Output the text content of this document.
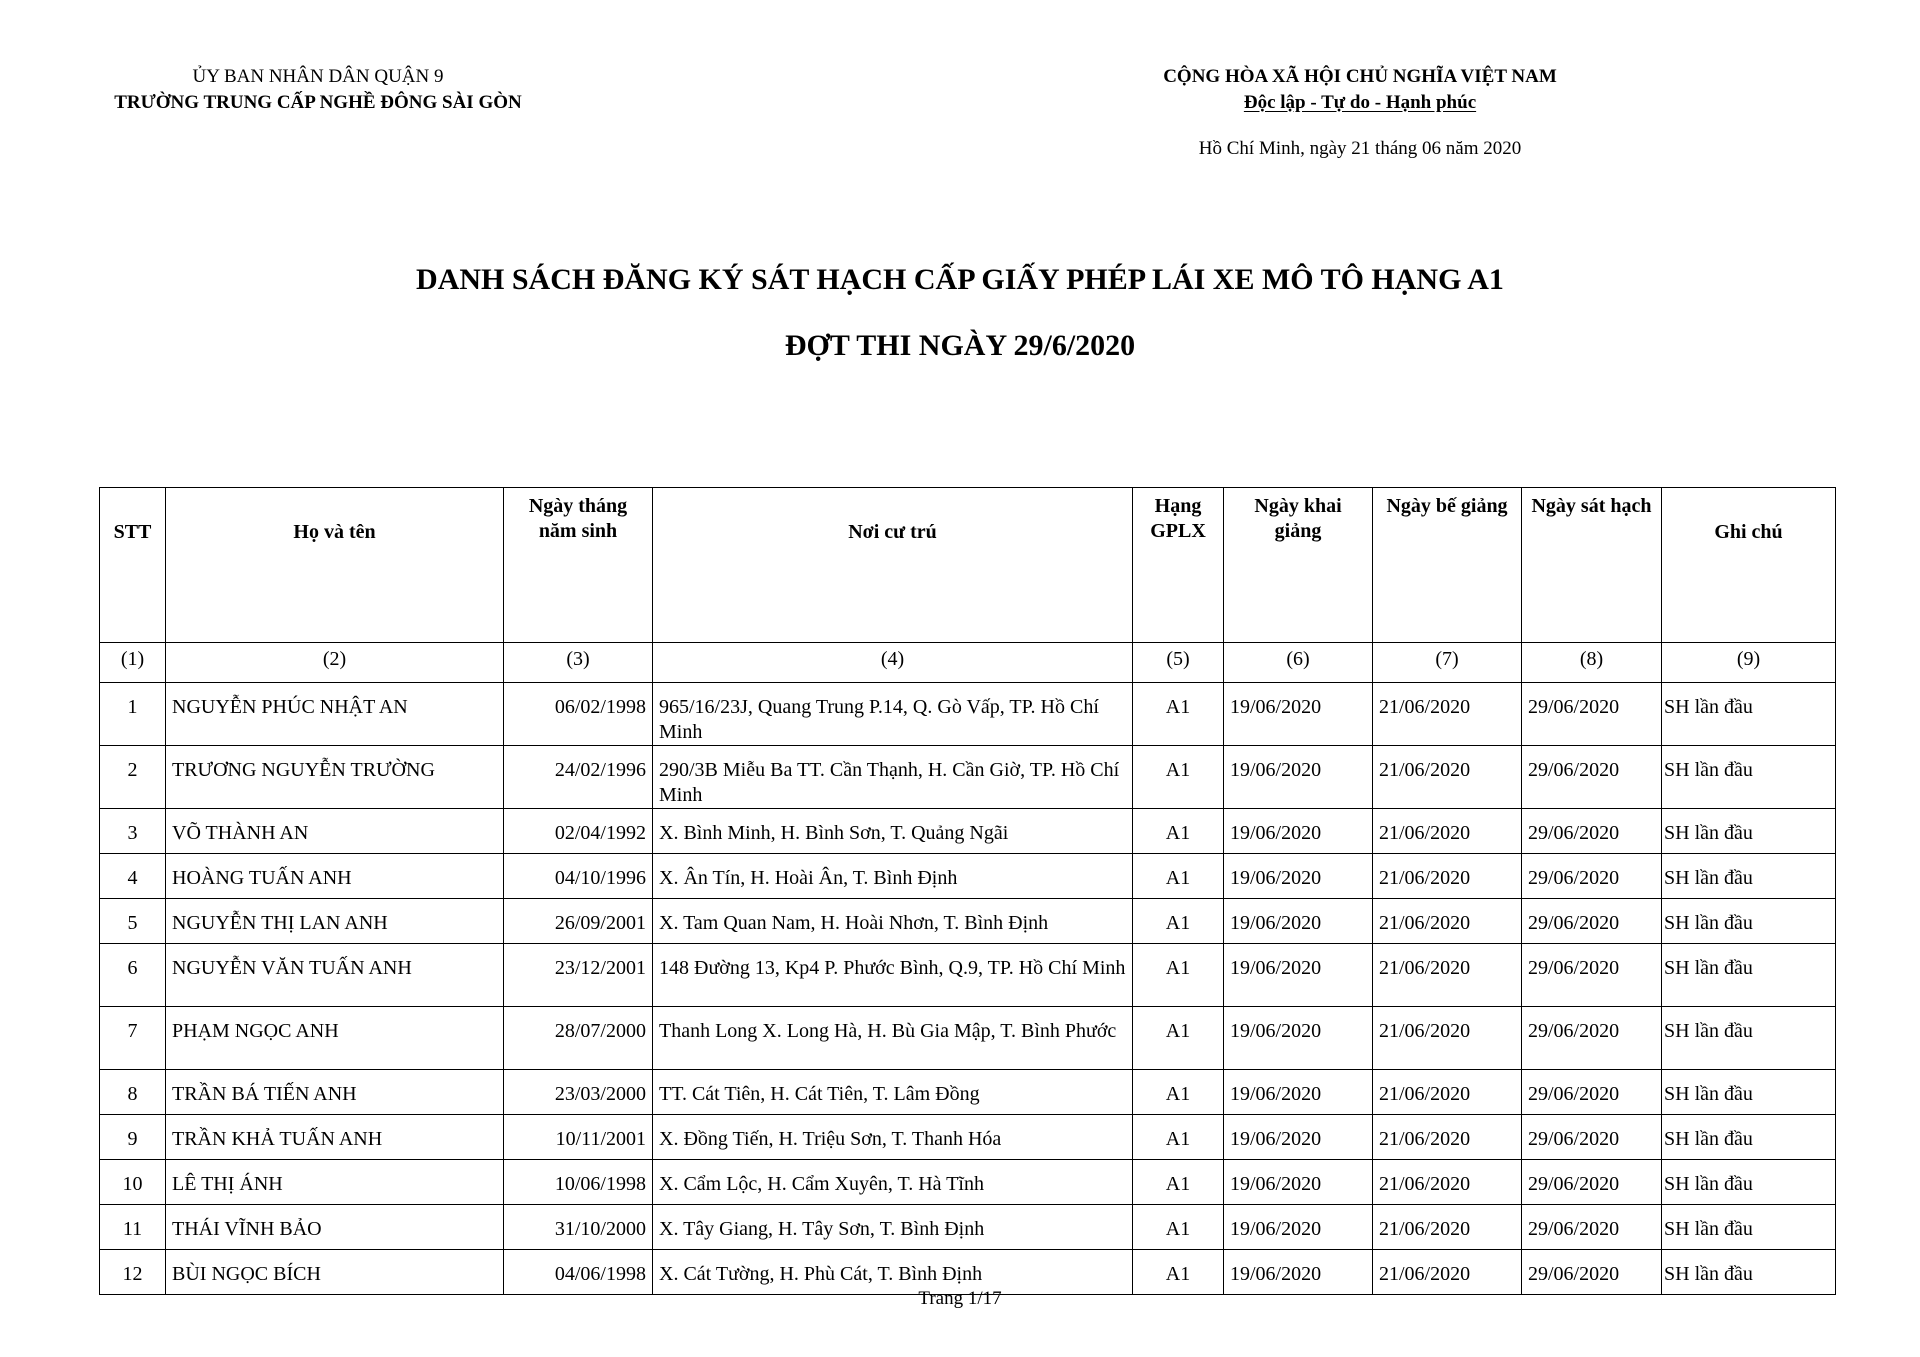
ỦY BAN NHÂN DÂN QUẬN 9
TRƯỜNG TRUNG CẤP NGHỀ ĐÔNG SÀI GÒN
CỘNG HÒA XÃ HỘI CHỦ NGHĨA VIỆT NAM
Độc lập - Tự do - Hạnh phúc
Hồ Chí Minh, ngày 21 tháng 06 năm 2020
DANH SÁCH ĐĂNG KÝ SÁT HẠCH CẤP GIẤY PHÉP LÁI XE MÔ TÔ HẠNG A1
ĐỢT THI NGÀY 29/6/2020
STT	Họ và tên	Ngày tháng năm sinh	Nơi cư trú	Hạng GPLX	Ngày khai giảng	Ngày bế giảng	Ngày sát hạch	Ghi chú
(1)	(2)	(3)	(4)	(5)	(6)	(7)	(8)	(9)
1	NGUYỄN PHÚC NHẬT AN	06/02/1998	965/16/23J, Quang Trung P.14, Q. Gò Vấp, TP. Hồ Chí Minh	A1	19/06/2020	21/06/2020	29/06/2020	SH lần đầu
2	TRƯƠNG NGUYỄN TRƯỜNG	24/02/1996	290/3B Miễu Ba TT. Cần Thạnh, H. Cần Giờ, TP. Hồ Chí Minh	A1	19/06/2020	21/06/2020	29/06/2020	SH lần đầu
3	VÕ THÀNH AN	02/04/1992	X. Bình Minh, H. Bình Sơn, T. Quảng Ngãi	A1	19/06/2020	21/06/2020	29/06/2020	SH lần đầu
4	HOÀNG TUẤN ANH	04/10/1996	X. Ân Tín, H. Hoài Ân, T. Bình Định	A1	19/06/2020	21/06/2020	29/06/2020	SH lần đầu
5	NGUYỄN THỊ LAN ANH	26/09/2001	X. Tam Quan Nam, H. Hoài Nhơn, T. Bình Định	A1	19/06/2020	21/06/2020	29/06/2020	SH lần đầu
6	NGUYỄN VĂN TUẤN ANH	23/12/2001	148 Đường 13, Kp4 P. Phước Bình, Q.9, TP. Hồ Chí Minh	A1	19/06/2020	21/06/2020	29/06/2020	SH lần đầu
7	PHẠM NGỌC ANH	28/07/2000	Thanh Long X. Long Hà, H. Bù Gia Mập, T. Bình Phước	A1	19/06/2020	21/06/2020	29/06/2020	SH lần đầu
8	TRẦN BÁ TIẾN ANH	23/03/2000	TT. Cát Tiên, H. Cát Tiên, T. Lâm Đồng	A1	19/06/2020	21/06/2020	29/06/2020	SH lần đầu
9	TRẦN KHẢ TUẤN ANH	10/11/2001	X. Đồng Tiến, H. Triệu Sơn, T. Thanh Hóa	A1	19/06/2020	21/06/2020	29/06/2020	SH lần đầu
10	LÊ THỊ ÁNH	10/06/1998	X. Cẩm Lộc, H. Cẩm Xuyên, T. Hà Tĩnh	A1	19/06/2020	21/06/2020	29/06/2020	SH lần đầu
11	THÁI VĨNH BẢO	31/10/2000	X. Tây Giang, H. Tây Sơn, T. Bình Định	A1	19/06/2020	21/06/2020	29/06/2020	SH lần đầu
12	BÙI NGỌC BÍCH	04/06/1998	X. Cát Tường, H. Phù Cát, T. Bình Định	A1	19/06/2020	21/06/2020	29/06/2020	SH lần đầu
Trang 1/17
